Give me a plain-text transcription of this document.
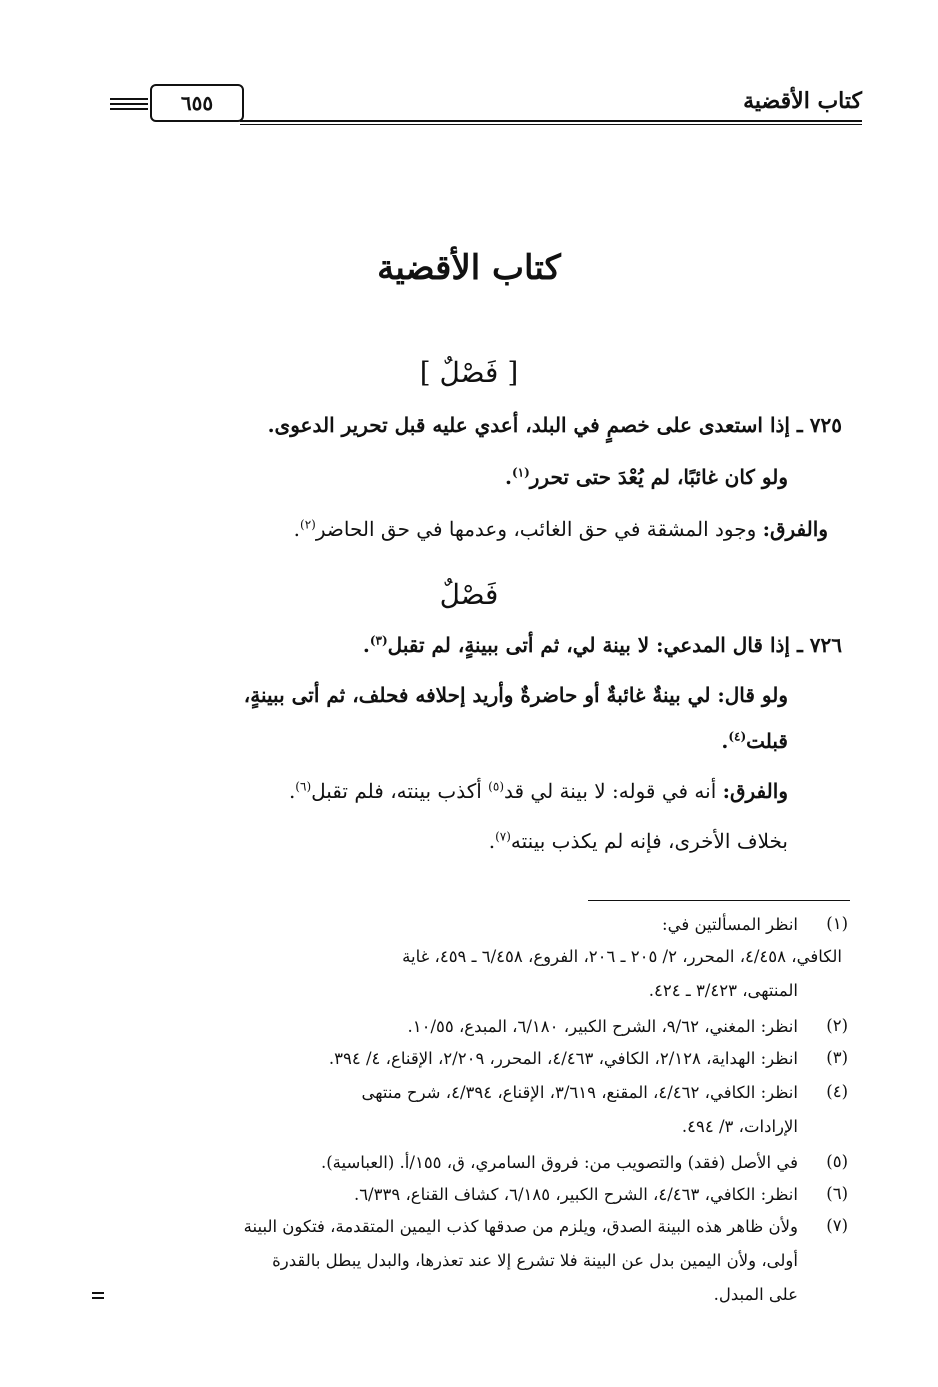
كتاب الأقضية
٦٥٥
كتاب الأقضية
[ فَصْلٌ ]
٧٢٥ ـ إذا استعدى على خصمٍ في البلد، أعدي عليه قبل تحرير الدعوى.
ولو كان غائبًا، لم يُعْدَ حتى تحرر$^{(١)}$.
والفرق: وجود المشقة في حق الغائب، وعدمها في حق الحاضر$^{(٢)}$.
فَصْلٌ
٧٢٦ ـ إذا قال المدعي: لا بينة لي، ثم أتى ببينةٍ، لم تقبل$^{(٣)}$.
ولو قال: لي بينةٌ غائبةٌ أو حاضرةٌ وأريد إحلافه فحلف، ثم أتى ببينةٍ،
قبلت$^{(٤)}$.
والفرق: أنه في قوله: لا بينة لي قد$^{(٥)}$ أكذب بينته، فلم تقبل$^{(٦)}$.
بخلاف الأخرى، فإنه لم يكذب بينته$^{(٧)}$.
(١)
انظر المسألتين في:
الكافي، ٤/٤٥٨، المحرر، ٢/ ٢٠٥ ـ ٢٠٦، الفروع، ٦/٤٥٨ ـ ٤٥٩، غاية
المنتهى، ٣/٤٢٣ ـ ٤٢٤.
(٢)
انظر: المغني، ٩/٦٢، الشرح الكبير، ٦/١٨٠، المبدع، ١٠/٥٥.
(٣)
انظر: الهداية، ٢/١٢٨، الكافي، ٤/٤٦٣، المحرر، ٢/٢٠٩، الإقناع، ٤/ ٣٩٤.
(٤)
انظر: الكافي، ٤/٤٦٢، المقنع، ٣/٦١٩، الإقناع، ٤/٣٩٤، شرح منتهى
الإرادات، ٣/ ٤٩٤.
(٥)
في الأصل (فقد) والتصويب من: فروق السامري، ق، ١٥٥/أ. (العباسية).
(٦)
انظر: الكافي، ٤/٤٦٣، الشرح الكبير، ٦/١٨٥، كشاف القناع، ٦/٣٣٩.
(٧)
ولأن ظاهر هذه البينة الصدق، ويلزم من صدقها كذب اليمين المتقدمة، فتكون البينة
أولى، ولأن اليمين بدل عن البينة فلا تشرع إلا عند تعذرها، والبدل يبطل بالقدرة
على المبدل.
